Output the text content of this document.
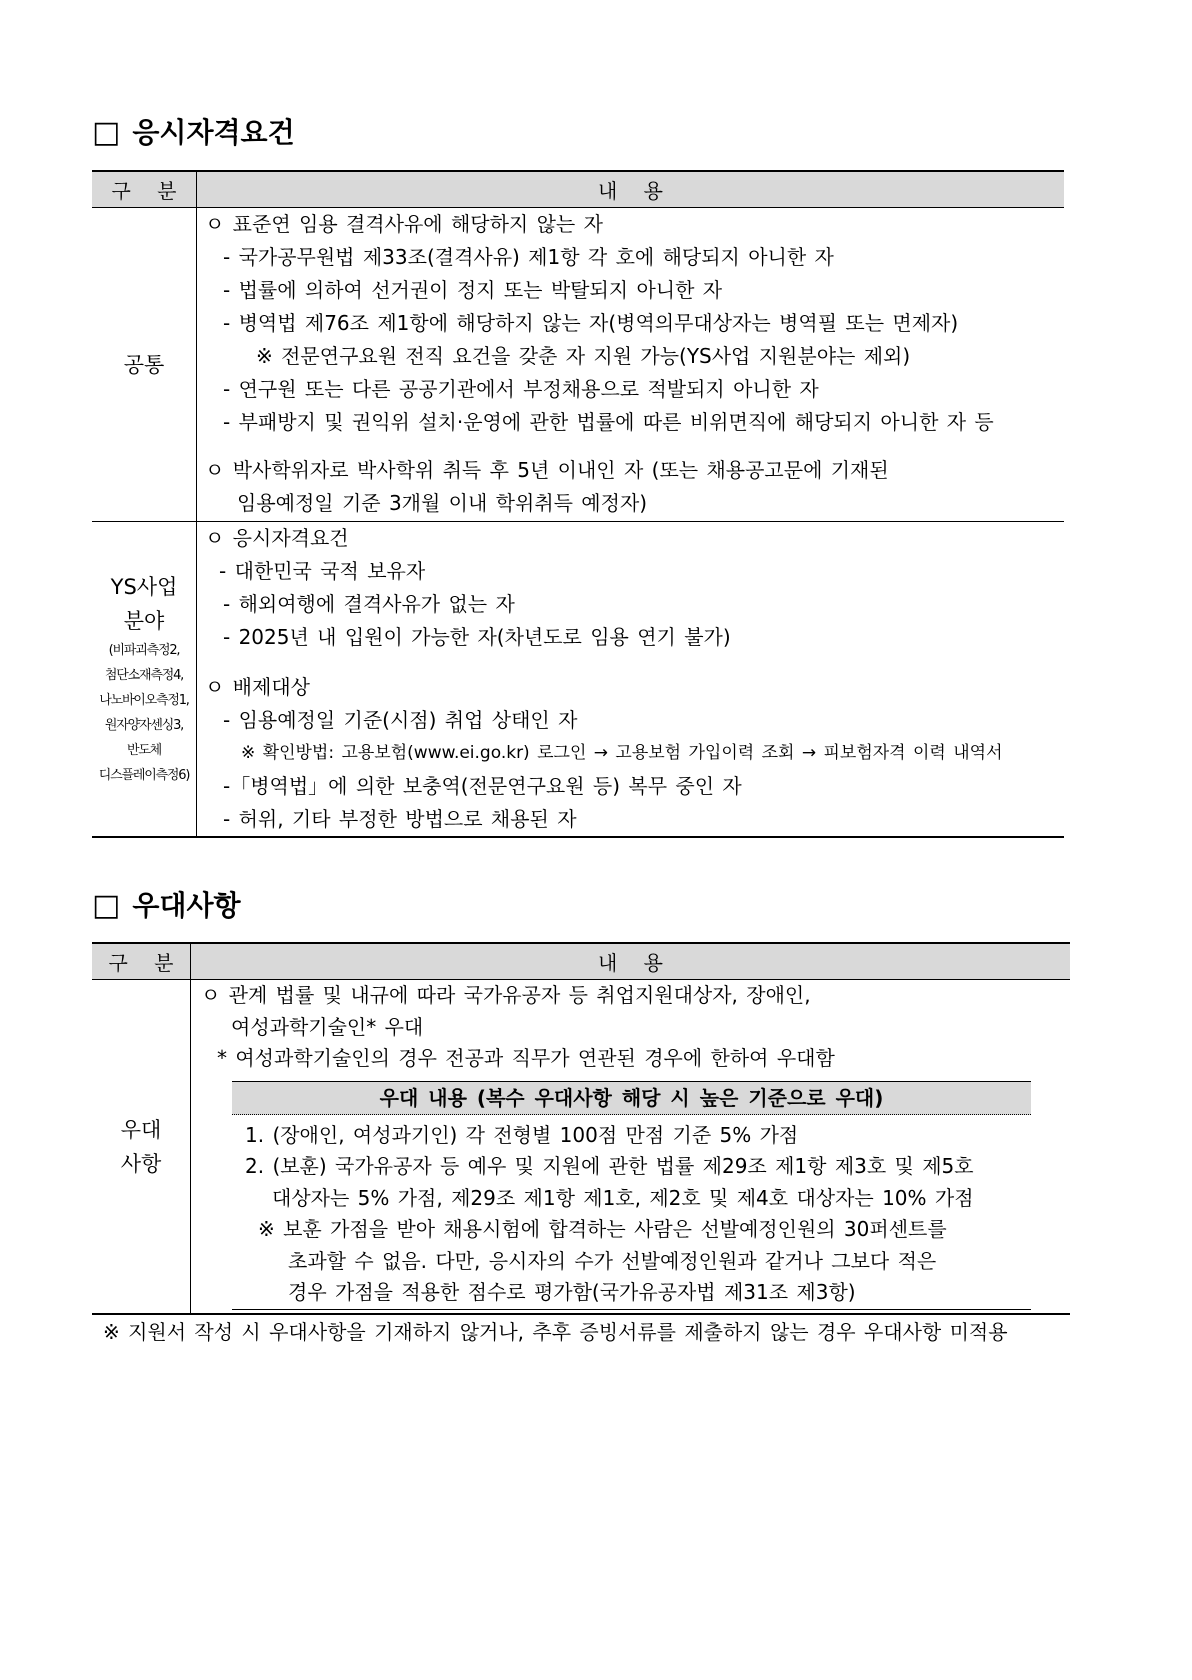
□ 응시자격요건
구 분	내 용
공통
ㅇ 표준연 임용 결격사유에 해당하지 않는 자
- 국가공무원법 제33조(결격사유) 제1항 각 호에 해당되지 아니한 자
- 법률에 의하여 선거권이 정지 또는 박탈되지 아니한 자
- 병역법 제76조 제1항에 해당하지 않는 자(병역의무대상자는 병역필 또는 면제자)
※ 전문연구요원 전직 요건을 갖춘 자 지원 가능(YS사업 지원분야는 제외)
- 연구원 또는 다른 공공기관에서 부정채용으로 적발되지 아니한 자
- 부패방지 및 권익위 설치·운영에 관한 법률에 따른 비위면직에 해당되지 아니한 자 등
ㅇ 박사학위자로 박사학위 취득 후 5년 이내인 자 (또는 채용공고문에 기재된
임용예정일 기준 3개월 이내 학위취득 예정자)
YS사업
분야
(비파괴측정2,
첨단소재측정4,
나노바이오측정1,
원자양자센싱3,
반도체
디스플레이측정6)
ㅇ 응시자격요건
- 대한민국 국적 보유자
- 해외여행에 결격사유가 없는 자
- 2025년 내 입원이 가능한 자(차년도로 임용 연기 불가)
ㅇ 배제대상
- 임용예정일 기준(시점) 취업 상태인 자
※ 확인방법: 고용보험(www.ei.go.kr) 로그인 → 고용보험 가입이력 조회 → 피보험자격 이력 내역서
-「병역법」에 의한 보충역(전문연구요원 등) 복무 중인 자
- 허위, 기타 부정한 방법으로 채용된 자
□ 우대사항
구 분	내 용
우대
사항
ㅇ 관계 법률 및 내규에 따라 국가유공자 등 취업지원대상자, 장애인,
여성과학기술인* 우대
* 여성과학기술인의 경우 전공과 직무가 연관된 경우에 한하여 우대함
우대 내용 (복수 우대사항 해당 시 높은 기준으로 우대)
1. (장애인, 여성과기인) 각 전형별 100점 만점 기준 5% 가점
2. (보훈) 국가유공자 등 예우 및 지원에 관한 법률 제29조 제1항 제3호 및 제5호
대상자는 5% 가점, 제29조 제1항 제1호, 제2호 및 제4호 대상자는 10% 가점
※ 보훈 가점을 받아 채용시험에 합격하는 사람은 선발예정인원의 30퍼센트를
초과할 수 없음. 다만, 응시자의 수가 선발예정인원과 같거나 그보다 적은
경우 가점을 적용한 점수로 평가함(국가유공자법 제31조 제3항)
※ 지원서 작성 시 우대사항을 기재하지 않거나, 추후 증빙서류를 제출하지 않는 경우 우대사항 미적용
